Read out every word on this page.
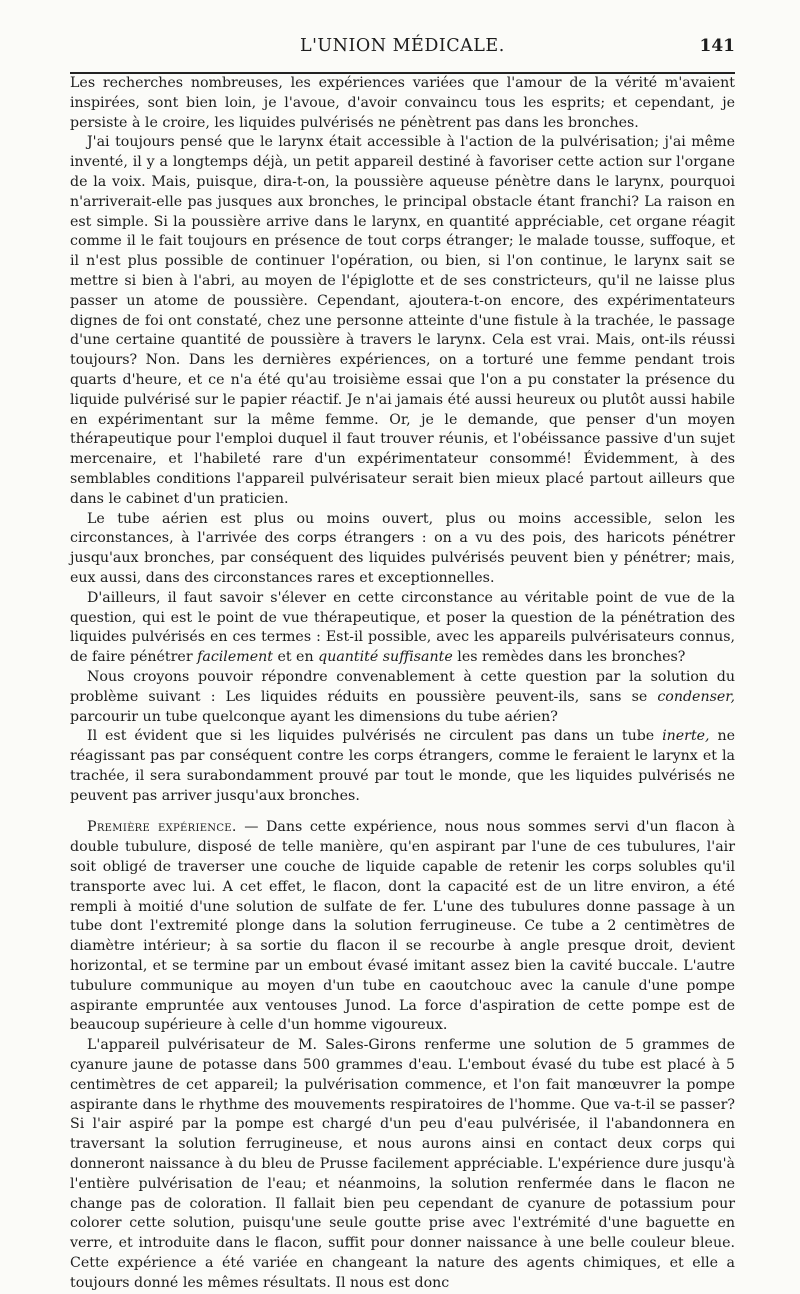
L'UNION MÉDICALE.	141

Les recherches nombreuses, les expériences variées que l'amour de la vérité m'avaient inspirées, sont bien loin, je l'avoue, d'avoir convaincu tous les esprits; et cependant, je persiste à le croire, les liquides pulvérisés ne pénètrent pas dans les bronches.

J'ai toujours pensé que le larynx était accessible à l'action de la pulvérisation; j'ai même inventé, il y a longtemps déjà, un petit appareil destiné à favoriser cette action sur l'organe de la voix. Mais, puisque, dira-t-on, la poussière aqueuse pénètre dans le larynx, pourquoi n'arriverait-elle pas jusques aux bronches, le principal obstacle étant franchi? La raison en est simple. Si la poussière arrive dans le larynx, en quantité appréciable, cet organe réagit comme il le fait toujours en présence de tout corps étranger; le malade tousse, suffoque, et il n'est plus possible de continuer l'opération, ou bien, si l'on continue, le larynx sait se mettre si bien à l'abri, au moyen de l'épiglotte et de ses constricteurs, qu'il ne laisse plus passer un atome de poussière. Cependant, ajoutera-t-on encore, des expérimentateurs dignes de foi ont constaté, chez une personne atteinte d'une fistule à la trachée, le passage d'une certaine quantité de poussière à travers le larynx. Cela est vrai. Mais, ont-ils réussi toujours? Non. Dans les dernières expériences, on a torturé une femme pendant trois quarts d'heure, et ce n'a été qu'au troisième essai que l'on a pu constater la présence du liquide pulvérisé sur le papier réactif. Je n'ai jamais été aussi heureux ou plutôt aussi habile en expérimentant sur la même femme. Or, je le demande, que penser d'un moyen thérapeutique pour l'emploi duquel il faut trouver réunis, et l'obéissance passive d'un sujet mercenaire, et l'habileté rare d'un expérimentateur consommé! Évidemment, à des semblables conditions l'appareil pulvérisateur serait bien mieux placé partout ailleurs que dans le cabinet d'un praticien.

Le tube aérien est plus ou moins ouvert, plus ou moins accessible, selon les circonstances, à l'arrivée des corps étrangers : on a vu des pois, des haricots pénétrer jusqu'aux bronches, par conséquent des liquides pulvérisés peuvent bien y pénétrer; mais, eux aussi, dans des circonstances rares et exceptionnelles.

D'ailleurs, il faut savoir s'élever en cette circonstance au véritable point de vue de la question, qui est le point de vue thérapeutique, et poser la question de la pénétration des liquides pulvérisés en ces termes : Est-il possible, avec les appareils pulvérisateurs connus, de faire pénétrer facilement et en quantité suffisante les remèdes dans les bronches?

Nous croyons pouvoir répondre convenablement à cette question par la solution du problème suivant : Les liquides réduits en poussière peuvent-ils, sans se condenser, parcourir un tube quelconque ayant les dimensions du tube aérien?

Il est évident que si les liquides pulvérisés ne circulent pas dans un tube inerte, ne réagissant pas par conséquent contre les corps étrangers, comme le feraient le larynx et la trachée, il sera surabondamment prouvé par tout le monde, que les liquides pulvérisés ne peuvent pas arriver jusqu'aux bronches.

Première expérience. — Dans cette expérience, nous nous sommes servi d'un flacon à double tubulure, disposé de telle manière, qu'en aspirant par l'une de ces tubulures, l'air soit obligé de traverser une couche de liquide capable de retenir les corps solubles qu'il transporte avec lui. A cet effet, le flacon, dont la capacité est de un litre environ, a été rempli à moitié d'une solution de sulfate de fer. L'une des tubulures donne passage à un tube dont l'extremité plonge dans la solution ferrugineuse. Ce tube a 2 centimètres de diamètre intérieur; à sa sortie du flacon il se recourbe à angle presque droit, devient horizontal, et se termine par un embout évasé imitant assez bien la cavité buccale. L'autre tubulure communique au moyen d'un tube en caoutchouc avec la canule d'une pompe aspirante empruntée aux ventouses Junod. La force d'aspiration de cette pompe est de beaucoup supérieure à celle d'un homme vigoureux.

L'appareil pulvérisateur de M. Sales-Girons renferme une solution de 5 grammes de cyanure jaune de potasse dans 500 grammes d'eau. L'embout évasé du tube est placé à 5 centimètres de cet appareil; la pulvérisation commence, et l'on fait manœuvrer la pompe aspirante dans le rhythme des mouvements respiratoires de l'homme. Que va-t-il se passer? Si l'air aspiré par la pompe est chargé d'un peu d'eau pulvérisée, il l'abandonnera en traversant la solution ferrugineuse, et nous aurons ainsi en contact deux corps qui donneront naissance à du bleu de Prusse facilement appréciable. L'expérience dure jusqu'à l'entière pulvérisation de l'eau; et néanmoins, la solution renfermée dans le flacon ne change pas de coloration. Il fallait bien peu cependant de cyanure de potassium pour colorer cette solution, puisqu'une seule goutte prise avec l'extrémité d'une baguette en verre, et introduite dans le flacon, suffit pour donner naissance à une belle couleur bleue. Cette expérience a été variée en changeant la nature des agents chimiques, et elle a toujours donné les mêmes résultats. Il nous est donc
